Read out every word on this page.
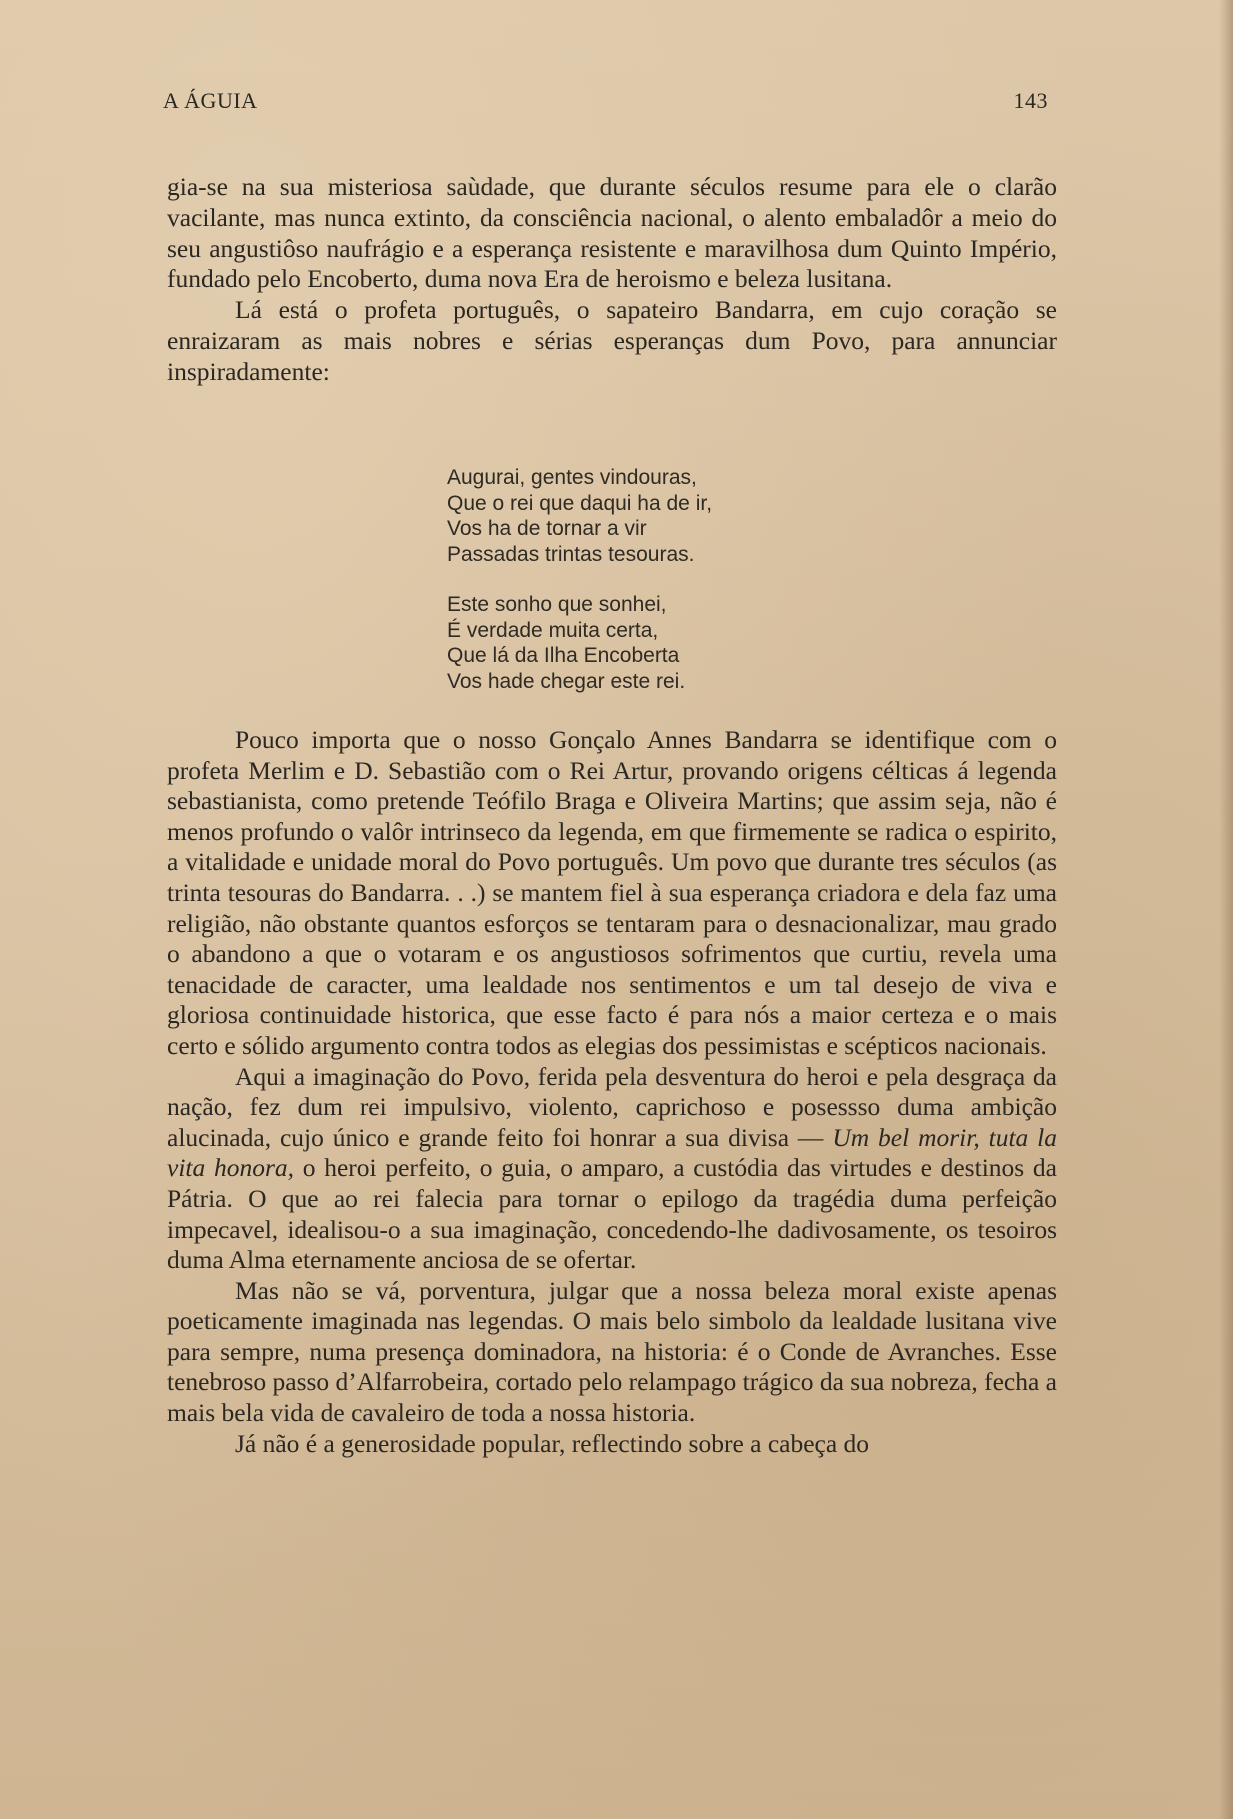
A ÁGUIA	143

gia-se na sua misteriosa saùdade, que durante séculos resume para ele o clarão vacilante, mas nunca extinto, da consciência nacional, o alento embaladôr a meio do seu angustiôso naufrágio e a esperança resistente e maravilhosa dum Quinto Império, fundado pelo Encoberto, duma nova Era de heroismo e beleza lusitana.

Lá está o profeta português, o sapateiro Bandarra, em cujo coração se enraizaram as mais nobres e sérias esperanças dum Povo, para annunciar inspiradamente:

Augurai, gentes vindouras,
Que o rei que daqui ha de ir,
Vos ha de tornar a vir
Passadas trintas tesouras.
Este sonho que sonhei,
É verdade muita certa,
Que lá da Ilha Encoberta
Vos hade chegar este rei.

Pouco importa que o nosso Gonçalo Annes Bandarra se identifique com o profeta Merlim e D. Sebastião com o Rei Artur, provando origens célticas á legenda sebastianista, como pretende Teófilo Braga e Oliveira Martins; que assim seja, não é menos profundo o valôr intrinseco da legenda, em que firmemente se radica o espirito, a vitalidade e unidade moral do Povo português. Um povo que durante tres séculos (as trinta tesouras do Bandarra. . .) se mantem fiel à sua esperança criadora e dela faz uma religião, não obstante quantos esforços se tentaram para o desnacionalizar, mau grado o abandono a que o votaram e os angustiosos sofrimentos que curtiu, revela uma tenacidade de caracter, uma lealdade nos sentimentos e um tal desejo de viva e gloriosa continuidade historica, que esse facto é para nós a maior certeza e o mais certo e sólido argumento contra todos as elegias dos pessimistas e scépticos nacionais.

Aqui a imaginação do Povo, ferida pela desventura do heroi e pela desgraça da nação, fez dum rei impulsivo, violento, caprichoso e posessso duma ambição alucinada, cujo único e grande feito foi honrar a sua divisa — Um bel morir, tuta la vita honora, o heroi perfeito, o guia, o amparo, a custódia das virtudes e destinos da Pátria. O que ao rei falecia para tornar o epilogo da tragédia duma perfeição impecavel, idealisou-o a sua imaginação, concedendo-lhe dadivosamente, os tesoiros duma Alma eternamente anciosa de se ofertar.

Mas não se vá, porventura, julgar que a nossa beleza moral existe apenas poeticamente imaginada nas legendas. O mais belo simbolo da lealdade lusitana vive para sempre, numa presença dominadora, na historia: é o Conde de Avranches. Esse tenebroso passo d’Alfarrobeira, cortado pelo relampago trágico da sua nobreza, fecha a mais bela vida de cavaleiro de toda a nossa historia.

Já não é a generosidade popular, reflectindo sobre a cabeça do
